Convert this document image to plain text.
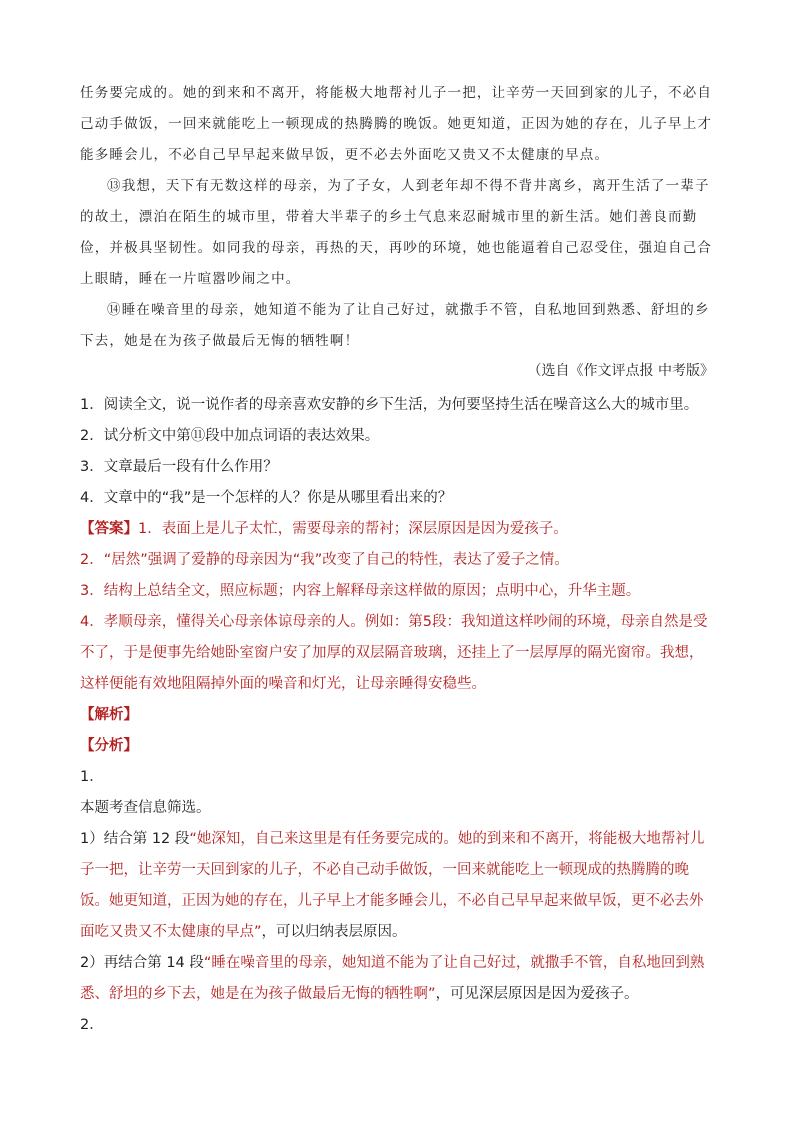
任务要完成的。她的到来和不离开，将能极大地帮衬儿子一把，让辛劳一天回到家的儿子，不必自己动手做饭，一回来就能吃上一顿现成的热腾腾的晚饭。她更知道，正因为她的存在，儿子早上才能多睡会儿，不必自己早早起来做早饭，更不必去外面吃又贵又不太健康的早点。

⑬我想，天下有无数这样的母亲，为了子女，人到老年却不得不背井离乡，离开生活了一辈子的故土，漂泊在陌生的城市里，带着大半辈子的乡土气息来忍耐城市里的新生活。她们善良而勤俭，并极具坚韧性。如同我的母亲，再热的天，再吵的环境，她也能逼着自己忍受住，强迫自己合上眼睛，睡在一片喧嚣吵闹之中。

⑭睡在噪音里的母亲，她知道不能为了让自己好过，就撒手不管，自私地回到熟悉、舒坦的乡下去，她是在为孩子做最后无悔的牺牲啊！

（选自《作文评点报 中考版》

1．阅读全文，说一说作者的母亲喜欢安静的乡下生活，为何要坚持生活在噪音这么大的城市里。

2．试分析文中第⑪段中加点词语的表达效果。

3．文章最后一段有什么作用？

4．文章中的“我”是一个怎样的人？你是从哪里看出来的？

【答案】1．表面上是儿子太忙，需要母亲的帮衬；深层原因是因为爱孩子。

2．“居然”强调了爱静的母亲因为“我”改变了自己的特性，表达了爱子之情。

3．结构上总结全文，照应标题；内容上解释母亲这样做的原因；点明中心，升华主题。

4．孝顺母亲，懂得关心母亲体谅母亲的人。例如：第5段：我知道这样吵闹的环境，母亲自然是受不了，于是便事先给她卧室窗户安了加厚的双层隔音玻璃，还挂上了一层厚厚的隔光窗帘。我想，这样便能有效地阻隔掉外面的噪音和灯光，让母亲睡得安稳些。

【解析】

【分析】

1．

本题考查信息筛选。

1）结合第 12 段“她深知，自己来这里是有任务要完成的。她的到来和不离开，将能极大地帮衬儿子一把，让辛劳一天回到家的儿子，不必自己动手做饭，一回来就能吃上一顿现成的热腾腾的晚饭。她更知道，正因为她的存在，儿子早上才能多睡会儿，不必自己早早起来做早饭，更不必去外面吃又贵又不太健康的早点”，可以归纳表层原因。

2）再结合第 14 段“睡在噪音里的母亲，她知道不能为了让自己好过，就撒手不管，自私地回到熟悉、舒坦的乡下去，她是在为孩子做最后无悔的牺牲啊”，可见深层原因是因为爱孩子。

2．
